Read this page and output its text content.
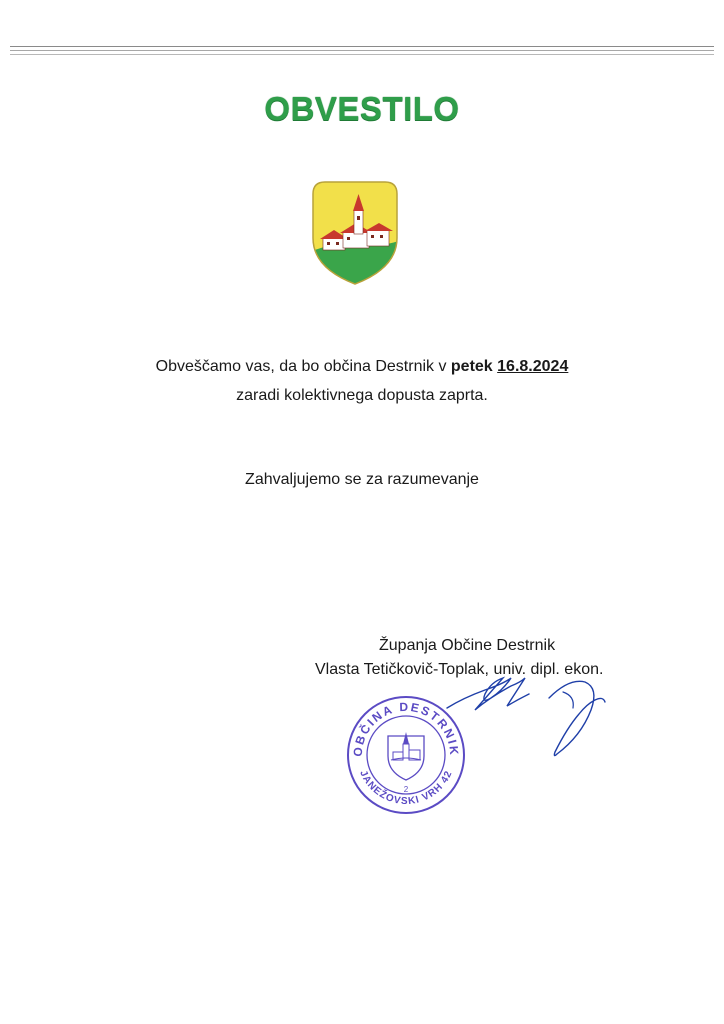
OBVESTILO
Obveščamo vas, da bo občina Destrnik v petek 16.8.2024
zaradi kolektivnega dopusta zaprta.
Zahvaljujemo se za razumevanje
Županja Občine Destrnik
Vlasta Tetičkovič-Toplak, univ. dipl. ekon.
OBČINA DESTRNIK
JANEŽOVSKI VRH 42
2
